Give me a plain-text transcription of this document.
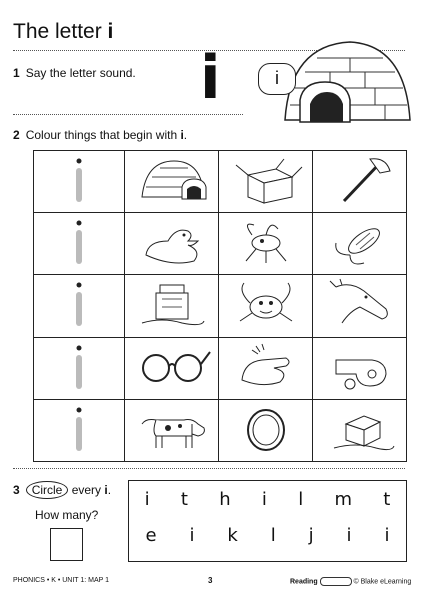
The letter i
1 Say the letter sound. i	i
2 Colour things that begin with i.

3 Circle every i.
How many?
i t h i l m t
e i k l j i i
PHONICS • K • UNIT 1: MAP 1	3	Reading	© Blake eLearning
